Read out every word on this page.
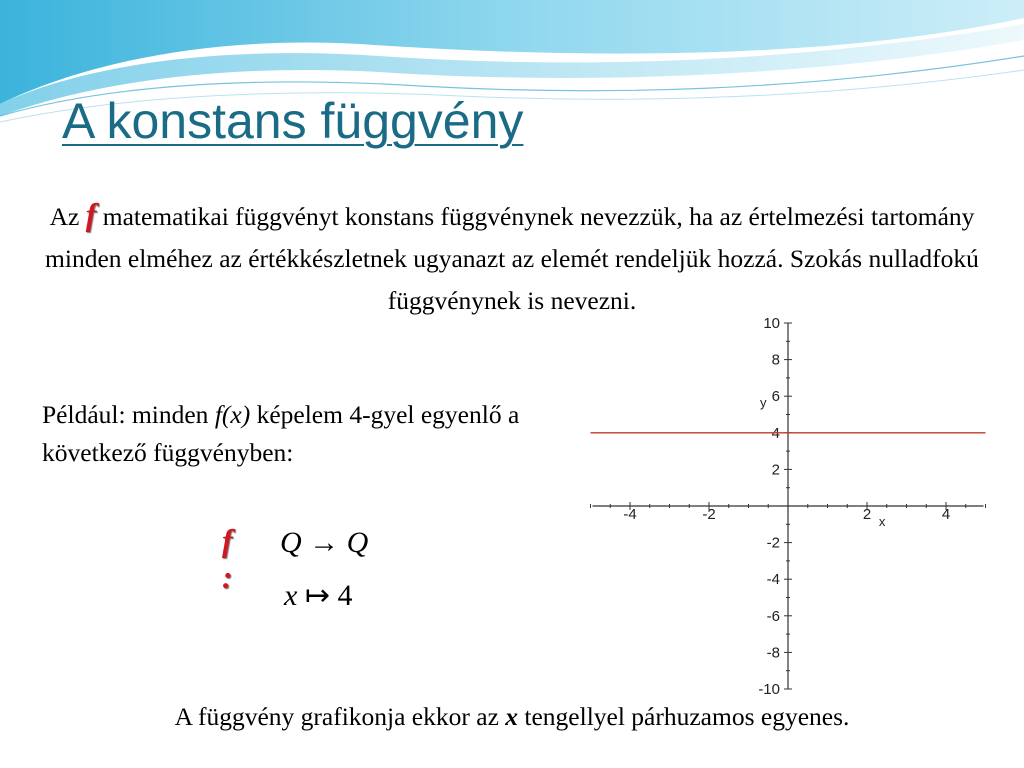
A konstans függvény
Az f matematikai függvényt konstans függvénynek nevezzük, ha az értelmezési tartomány minden elméhez az értékkészletnek ugyanazt az elemét rendeljük hozzá. Szokás nulladfokú függvénynek is nevezni.
Például: minden f(x) képelem 4-gyel egyenlő a következő függvényben:
f :
Q → Q
x ↦ 4
-4	-2	2	4
-10
-8
-6
-4
-2
2
4
6
8
10
x
y
A függvény grafikonja ekkor az x tengellyel párhuzamos egyenes.
